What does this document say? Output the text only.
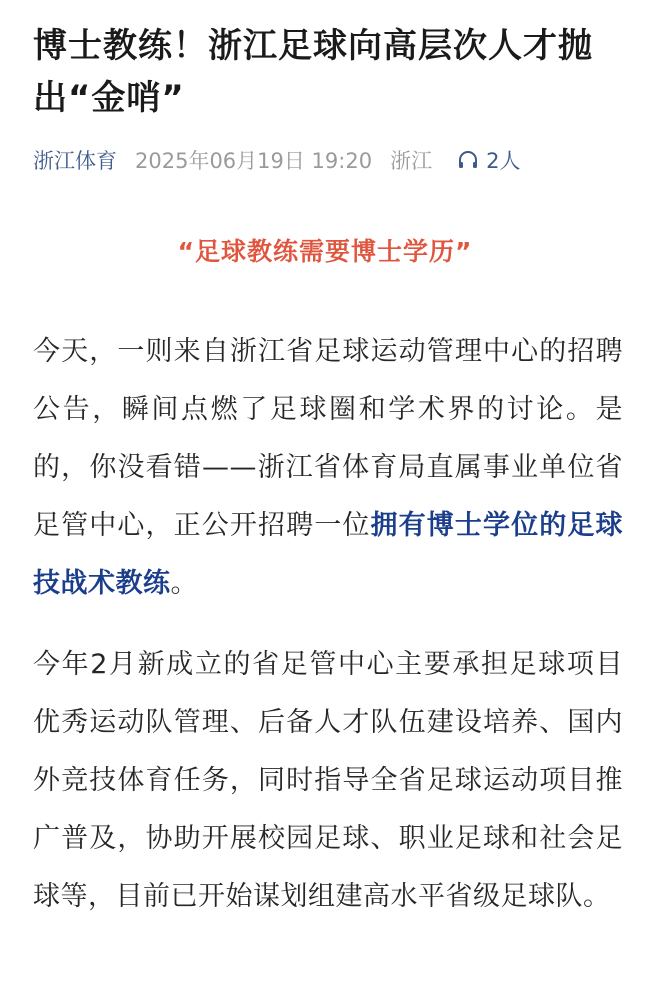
博士教练！浙江足球向高层次人才抛出“金哨”
浙江体育 2025年06月19日 19:20 浙江	2人
“足球教练需要博士学历”

今天，一则来自浙江省足球运动管理中心的招聘公告，瞬间点燃了足球圈和学术界的讨论。是的，你没看错——浙江省体育局直属事业单位省足管中心，正公开招聘一位拥有博士学位的足球技战术教练。

今年2月新成立的省足管中心主要承担足球项目优秀运动队管理、后备人才队伍建设培养、国内外竞技体育任务，同时指导全省足球运动项目推广普及，协助开展校园足球、职业足球和社会足球等，目前已开始谋划组建高水平省级足球队。
